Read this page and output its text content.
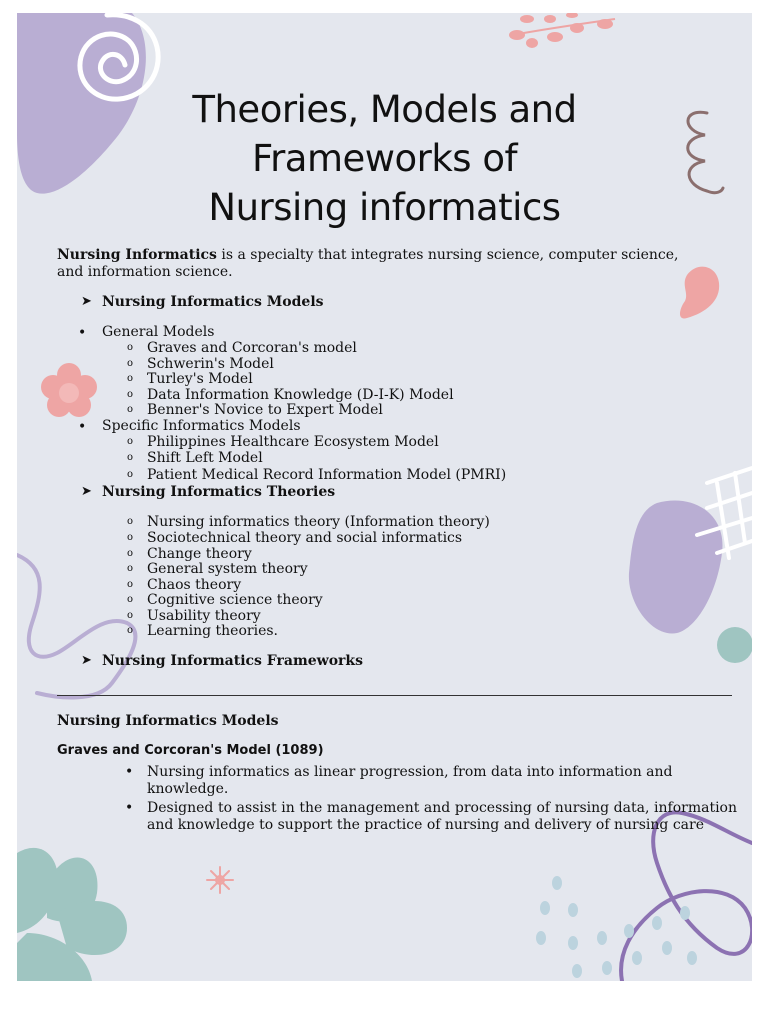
Theories, Models and
Frameworks of
Nursing informatics
Nursing Informatics is a specialty that integrates nursing science, computer science,
and information science.
➤ Nursing Informatics Models
• General Models
o Graves and Corcoran's model
o Schwerin's Model
o Turley's Model
o Data Information Knowledge (D-I-K) Model
o Benner's Novice to Expert Model
• Specific Informatics Models
o Philippines Healthcare Ecosystem Model
o Shift Left Model
o Patient Medical Record Information Model (PMRI)
➤ Nursing Informatics Theories
o Nursing informatics theory (Information theory)
o Sociotechnical theory and social informatics
o Change theory
o General system theory
o Chaos theory
o Cognitive science theory
o Usability theory
o Learning theories.
➤ Nursing Informatics Frameworks
Nursing Informatics Models
Graves and Corcoran's Model (1089)
• Nursing informatics as linear progression, from data into information and knowledge.
• Designed to assist in the management and processing of nursing data, information and knowledge to support the practice of nursing and delivery of nursing care
